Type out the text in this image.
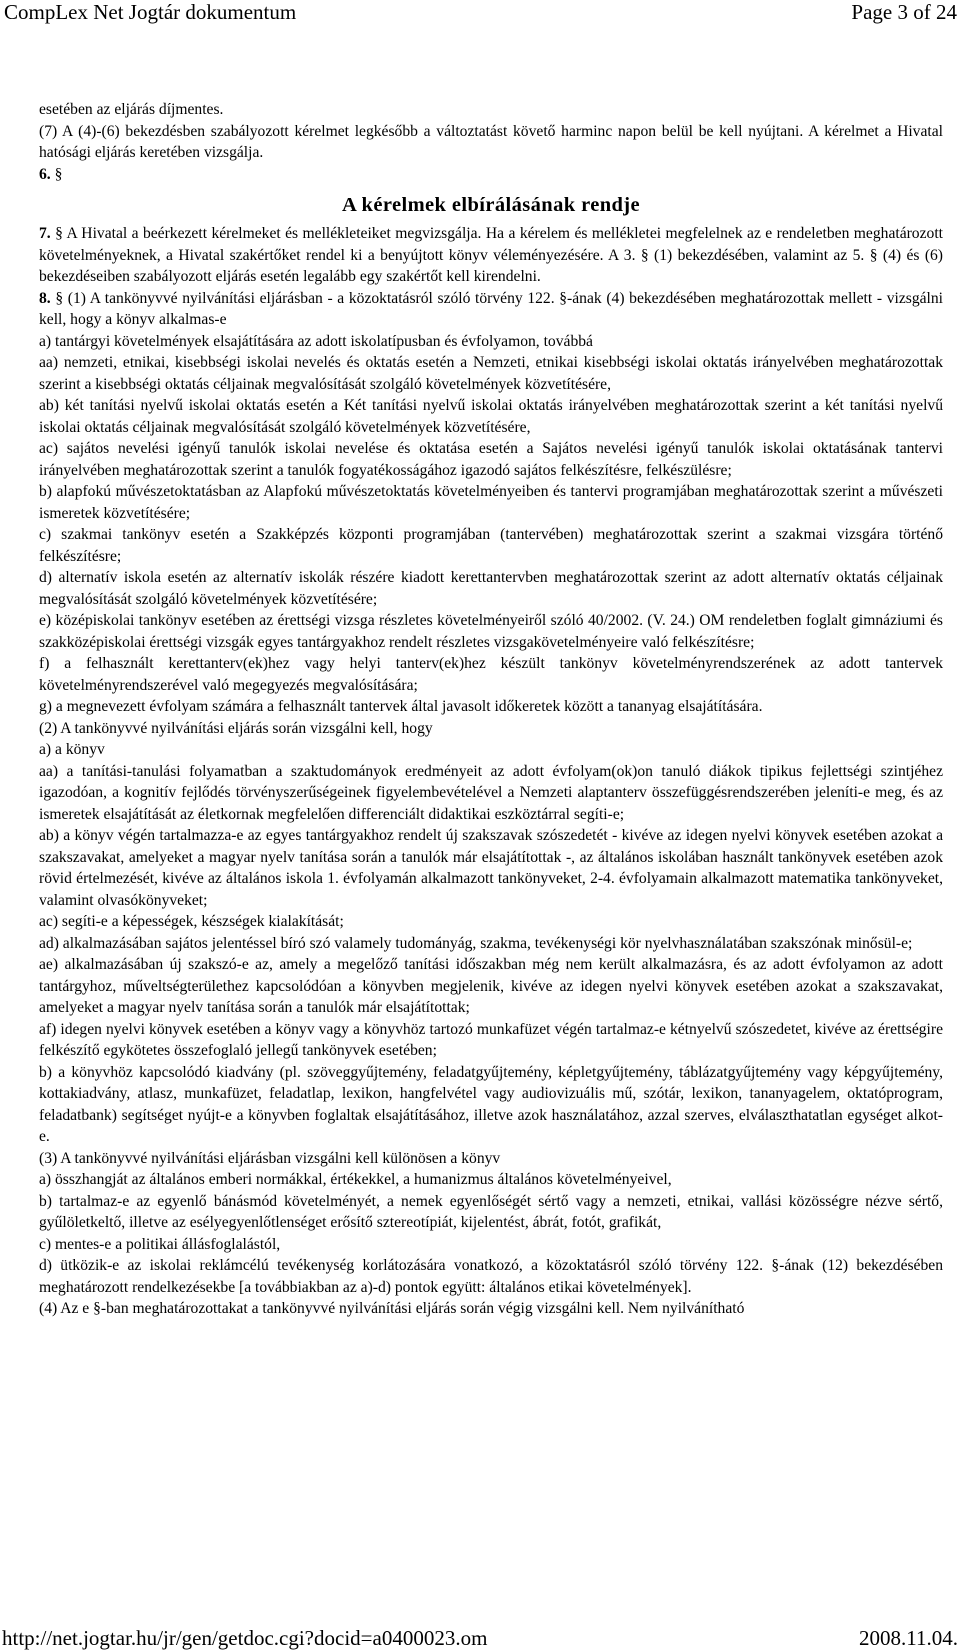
CompLex Net Jogtár dokumentum	Page 3 of 24

esetében az eljárás díjmentes.

(7) A (4)-(6) bekezdésben szabályozott kérelmet legkésőbb a változtatást követő harminc napon belül be kell nyújtani. A kérelmet a Hivatal hatósági eljárás keretében vizsgálja.

6. §

A kérelmek elbírálásának rendje

7. § A Hivatal a beérkezett kérelmeket és mellékleteiket megvizsgálja. Ha a kérelem és mellékletei megfelelnek az e rendeletben meghatározott követelményeknek, a Hivatal szakértőket rendel ki a benyújtott könyv véleményezésére. A 3. § (1) bekezdésében, valamint az 5. § (4) és (6) bekezdéseiben szabályozott eljárás esetén legalább egy szakértőt kell kirendelni.

8. § (1) A tankönyvvé nyilvánítási eljárásban - a közoktatásról szóló törvény 122. §-ának (4) bekezdésében meghatározottak mellett - vizsgálni kell, hogy a könyv alkalmas-e

a) tantárgyi követelmények elsajátítására az adott iskolatípusban és évfolyamon, továbbá

aa) nemzeti, etnikai, kisebbségi iskolai nevelés és oktatás esetén a Nemzeti, etnikai kisebbségi iskolai oktatás irányelvében meghatározottak szerint a kisebbségi oktatás céljainak megvalósítását szolgáló követelmények közvetítésére,

ab) két tanítási nyelvű iskolai oktatás esetén a Két tanítási nyelvű iskolai oktatás irányelvében meghatározottak szerint a két tanítási nyelvű iskolai oktatás céljainak megvalósítását szolgáló követelmények közvetítésére,

ac) sajátos nevelési igényű tanulók iskolai nevelése és oktatása esetén a Sajátos nevelési igényű tanulók iskolai oktatásának tantervi irányelvében meghatározottak szerint a tanulók fogyatékosságához igazodó sajátos felkészítésre, felkészülésre;

b) alapfokú művészetoktatásban az Alapfokú művészetoktatás követelményeiben és tantervi programjában meghatározottak szerint a művészeti ismeretek közvetítésére;

c) szakmai tankönyv esetén a Szakképzés központi programjában (tantervében) meghatározottak szerint a szakmai vizsgára történő felkészítésre;

d) alternatív iskola esetén az alternatív iskolák részére kiadott kerettantervben meghatározottak szerint az adott alternatív oktatás céljainak megvalósítását szolgáló követelmények közvetítésére;

e) középiskolai tankönyv esetében az érettségi vizsga részletes követelményeiről szóló 40/2002. (V. 24.) OM rendeletben foglalt gimnáziumi és szakközépiskolai érettségi vizsgák egyes tantárgyakhoz rendelt részletes vizsgakövetelményeire való felkészítésre;

f) a felhasznált kerettanterv(ek)hez vagy helyi tanterv(ek)hez készült tankönyv követelményrendszerének az adott tantervek követelményrendszerével való megegyezés megvalósítására;

g) a megnevezett évfolyam számára a felhasznált tantervek által javasolt időkeretek között a tananyag elsajátítására.

(2) A tankönyvvé nyilvánítási eljárás során vizsgálni kell, hogy

a) a könyv

aa) a tanítási-tanulási folyamatban a szaktudományok eredményeit az adott évfolyam(ok)on tanuló diákok tipikus fejlettségi szintjéhez igazodóan, a kognitív fejlődés törvényszerűségeinek figyelembevételével a Nemzeti alaptanterv összefüggésrendszerében jeleníti-e meg, és az ismeretek elsajátítását az életkornak megfelelően differenciált didaktikai eszköztárral segíti-e;

ab) a könyv végén tartalmazza-e az egyes tantárgyakhoz rendelt új szakszavak szószedetét - kivéve az idegen nyelvi könyvek esetében azokat a szakszavakat, amelyeket a magyar nyelv tanítása során a tanulók már elsajátítottak -, az általános iskolában használt tankönyvek esetében azok rövid értelmezését, kivéve az általános iskola 1. évfolyamán alkalmazott tankönyveket, 2-4. évfolyamain alkalmazott matematika tankönyveket, valamint olvasókönyveket;

ac) segíti-e a képességek, készségek kialakítását;

ad) alkalmazásában sajátos jelentéssel bíró szó valamely tudományág, szakma, tevékenységi kör nyelvhasználatában szakszónak minősül-e;

ae) alkalmazásában új szakszó-e az, amely a megelőző tanítási időszakban még nem került alkalmazásra, és az adott évfolyamon az adott tantárgyhoz, műveltségterülethez kapcsolódóan a könyvben megjelenik, kivéve az idegen nyelvi könyvek esetében azokat a szakszavakat, amelyeket a magyar nyelv tanítása során a tanulók már elsajátítottak;

af) idegen nyelvi könyvek esetében a könyv vagy a könyvhöz tartozó munkafüzet végén tartalmaz-e kétnyelvű szószedetet, kivéve az érettségire felkészítő egykötetes összefoglaló jellegű tankönyvek esetében;

b) a könyvhöz kapcsolódó kiadvány (pl. szöveggyűjtemény, feladatgyűjtemény, képletgyűjtemény, táblázatgyűjtemény vagy képgyűjtemény, kottakiadvány, atlasz, munkafüzet, feladatlap, lexikon, hangfelvétel vagy audiovizuális mű, szótár, lexikon, tananyagelem, oktatóprogram, feladatbank) segítséget nyújt-e a könyvben foglaltak elsajátításához, illetve azok használatához, azzal szerves, elválaszthatatlan egységet alkot-e.

(3) A tankönyvvé nyilvánítási eljárásban vizsgálni kell különösen a könyv

a) összhangját az általános emberi normákkal, értékekkel, a humanizmus általános követelményeivel,

b) tartalmaz-e az egyenlő bánásmód követelményét, a nemek egyenlőségét sértő vagy a nemzeti, etnikai, vallási közösségre nézve sértő, gyűlöletkeltő, illetve az esélyegyenlőtlenséget erősítő sztereotípiát, kijelentést, ábrát, fotót, grafikát,

c) mentes-e a politikai állásfoglalástól,

d) ütközik-e az iskolai reklámcélú tevékenység korlátozására vonatkozó, a közoktatásról szóló törvény 122. §-ának (12) bekezdésében meghatározott rendelkezésekbe [a továbbiakban az a)-d) pontok együtt: általános etikai követelmények].

(4) Az e §-ban meghatározottakat a tankönyvvé nyilvánítási eljárás során végig vizsgálni kell. Nem nyilvánítható

http://net.jogtar.hu/jr/gen/getdoc.cgi?docid=a0400023.om	2008.11.04.
